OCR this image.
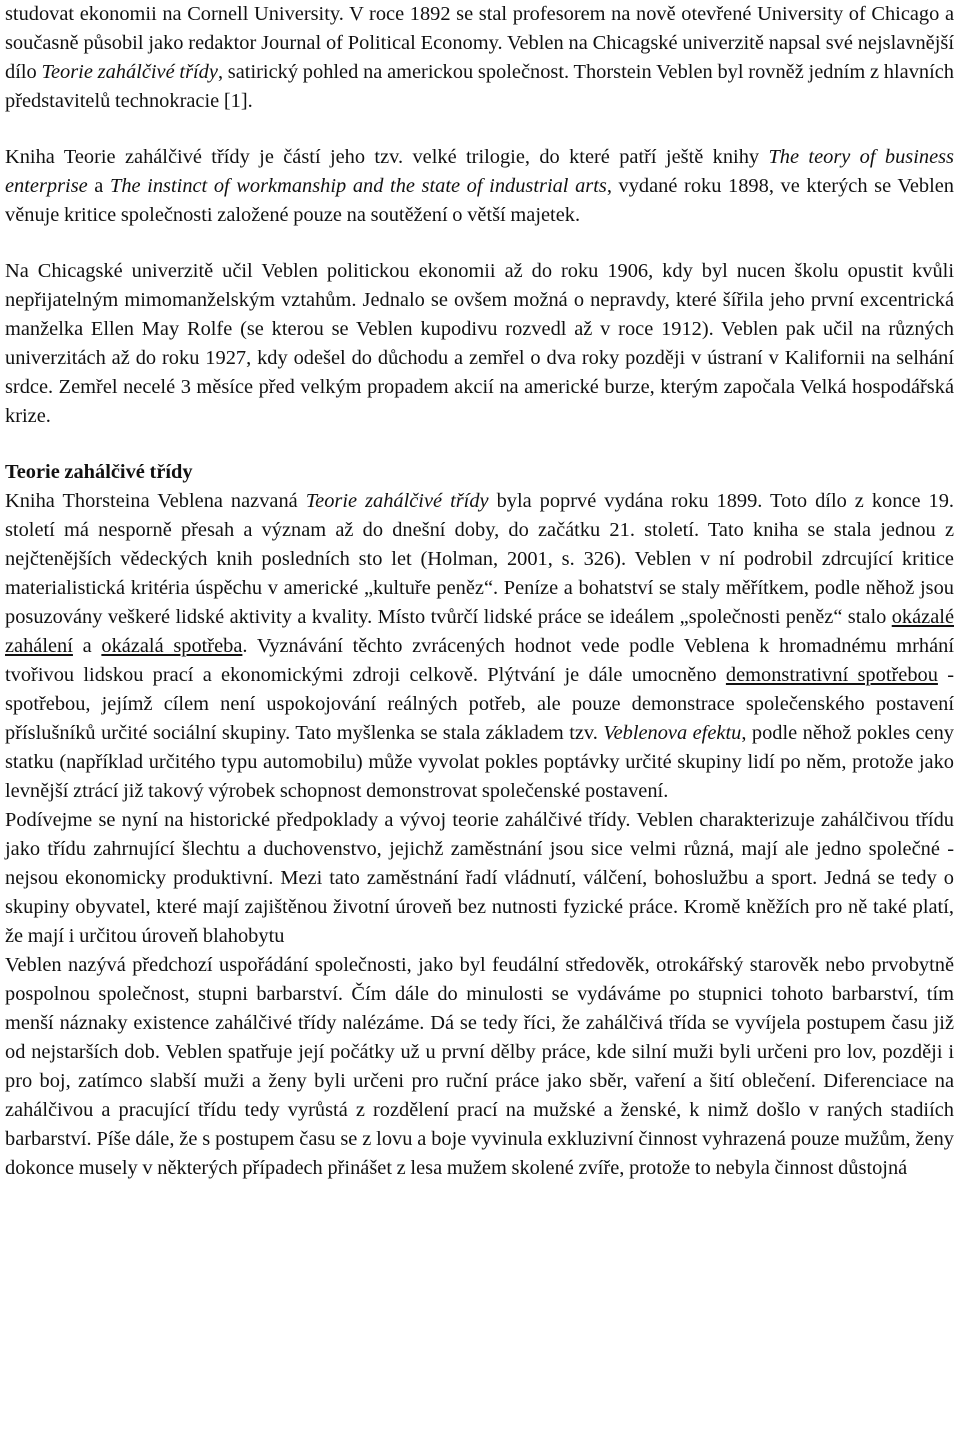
studovat ekonomii na Cornell University. V roce 1892 se stal profesorem na nově otevřené University of Chicago a současně působil jako redaktor Journal of Political Economy. Veblen na Chicagské univerzitě napsal své nejslavnější dílo Teorie zahálčivé třídy, satirický pohled na americkou společnost. Thorstein Veblen byl rovněž jedním z hlavních představitelů technokracie [1].

Kniha Teorie zahálčivé třídy je částí jeho tzv. velké trilogie, do které patří ještě knihy The teory of business enterprise a The instinct of workmanship and the state of industrial arts, vydané roku 1898, ve kterých se Veblen věnuje kritice společnosti založené pouze na soutěžení o větší majetek.

Na Chicagské univerzitě učil Veblen politickou ekonomii až do roku 1906, kdy byl nucen školu opustit kvůli nepřijatelným mimomanželským vztahům. Jednalo se ovšem možná o nepravdy, které šířila jeho první excentrická manželka Ellen May Rolfe (se kterou se Veblen kupodivu rozvedl až v roce 1912). Veblen pak učil na různých univerzitách až do roku 1927, kdy odešel do důchodu a zemřel o dva roky později v ústraní v Kalifornii na selhání srdce. Zemřel necelé 3 měsíce před velkým propadem akcií na americké burze, kterým započala Velká hospodářská krize.

Teorie zahálčivé třídy

Kniha Thorsteina Veblena nazvaná Teorie zahálčivé třídy byla poprvé vydána roku 1899. Toto dílo z konce 19. století má nesporně přesah a význam až do dnešní doby, do začátku 21. století. Tato kniha se stala jednou z nejčtenějších vědeckých knih posledních sto let (Holman, 2001, s. 326). Veblen v ní podrobil zdrcující kritice materialistická kritéria úspěchu v americké „kultuře peněz“. Peníze a bohatství se staly měřítkem, podle něhož jsou posuzovány veškeré lidské aktivity a kvality. Místo tvůrčí lidské práce se ideálem „společnosti peněz“ stalo okázalé zahálení a okázalá spotřeba. Vyznávání těchto zvrácených hodnot vede podle Veblena k hromadnému mrhání tvořivou lidskou prací a ekonomickými zdroji celkově. Plýtvání je dále umocněno demonstrativní spotřebou - spotřebou, jejímž cílem není uspokojování reálných potřeb, ale pouze demonstrace společenského postavení příslušníků určité sociální skupiny. Tato myšlenka se stala základem tzv. Veblenova efektu, podle něhož pokles ceny statku (například určitého typu automobilu) může vyvolat pokles poptávky určité skupiny lidí po něm, protože jako levnější ztrácí již takový výrobek schopnost demonstrovat společenské postavení.

Podívejme se nyní na historické předpoklady a vývoj teorie zahálčivé třídy. Veblen charakterizuje zahálčivou třídu jako třídu zahrnující šlechtu a duchovenstvo, jejichž zaměstnání jsou sice velmi různá, mají ale jedno společné - nejsou ekonomicky produktivní. Mezi tato zaměstnání řadí vládnutí, válčení, bohoslužbu a sport. Jedná se tedy o skupiny obyvatel, které mají zajištěnou životní úroveň bez nutnosti fyzické práce. Kromě kněžích pro ně také platí, že mají i určitou úroveň blahobytu

Veblen nazývá předchozí uspořádání společnosti, jako byl feudální středověk, otrokářský starověk nebo prvobytně pospolnou společnost, stupni barbarství. Čím dále do minulosti se vydáváme po stupnici tohoto barbarství, tím menší náznaky existence zahálčivé třídy nalézáme. Dá se tedy říci, že zahálčivá třída se vyvíjela postupem času již od nejstarších dob. Veblen spatřuje její počátky už u první dělby práce, kde silní muži byli určeni pro lov, později i pro boj, zatímco slabší muži a ženy byli určeni pro ruční práce jako sběr, vaření a šití oblečení. Diferenciace na zahálčivou a pracující třídu tedy vyrůstá z rozdělení prací na mužské a ženské, k nimž došlo v raných stadiích barbarství. Píše dále, že s postupem času se z lovu a boje vyvinula exkluzivní činnost vyhrazená pouze mužům, ženy dokonce musely v některých případech přinášet z lesa mužem skolené zvíře, protože to nebyla činnost důstojná
